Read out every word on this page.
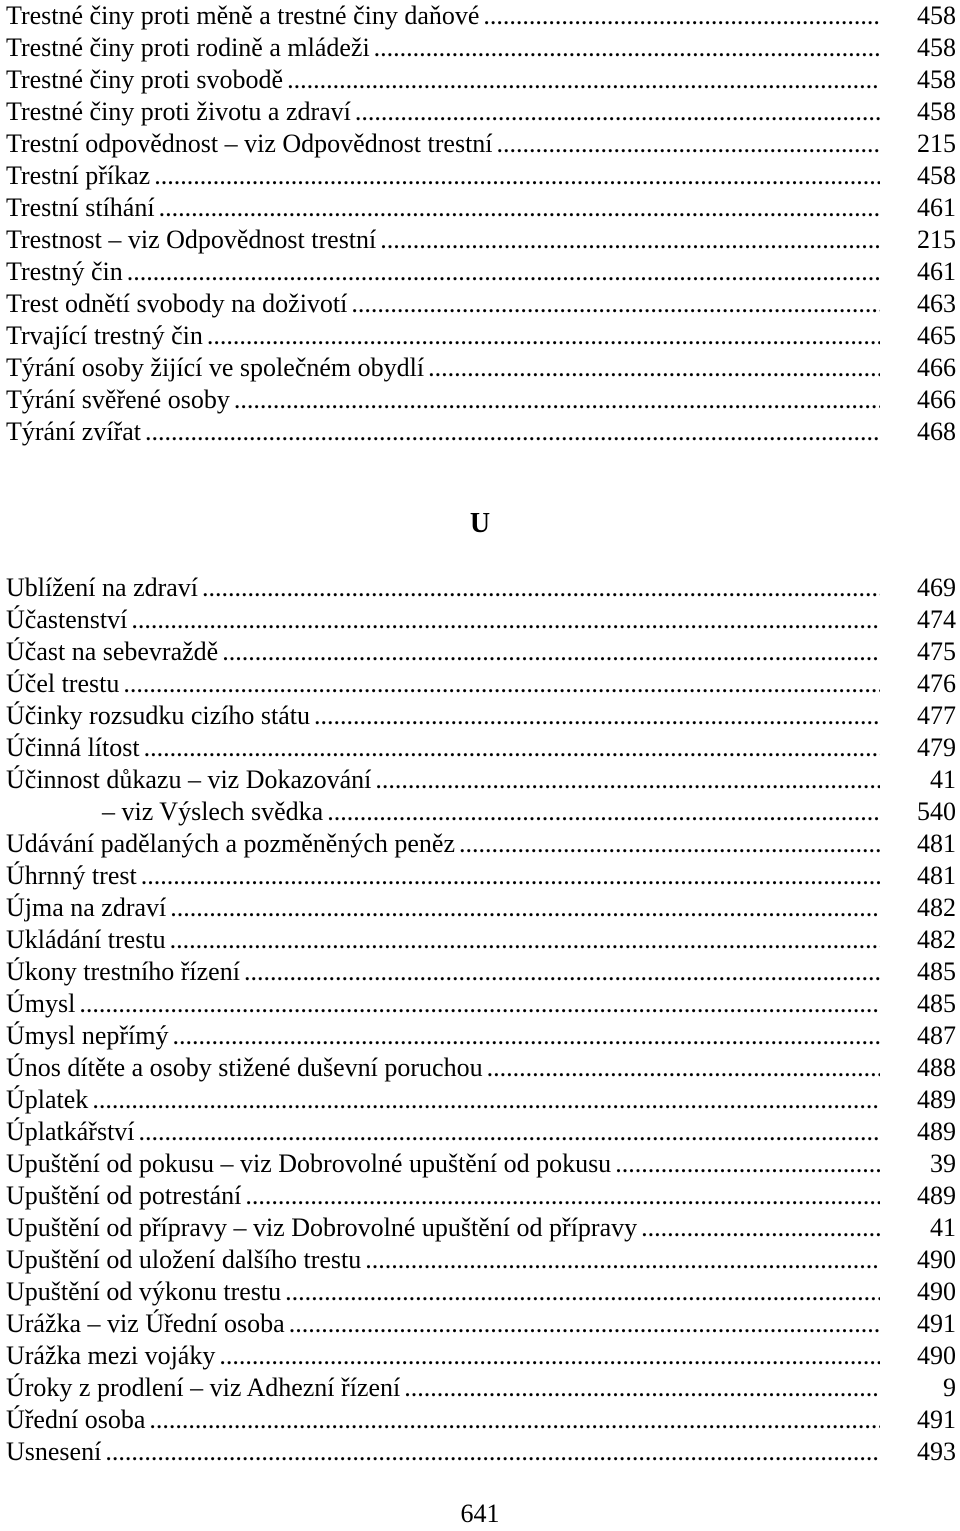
Trestné činy proti měně a trestné činy daňové .....	458
Trestné činy proti rodině a mládeži .....	458
Trestné činy proti svobodě .....	458
Trestné činy proti životu a zdraví .....	458
Trestní odpovědnost – viz Odpovědnost trestní .....	215
Trestní příkaz .....	458
Trestní stíhání .....	461
Trestnost – viz Odpovědnost trestní .....	215
Trestný čin .....	461
Trest odnětí svobody na doživotí .....	463
Trvající trestný čin .....	465
Týrání osoby žijící ve společném obydlí .....	466
Týrání svěřené osoby .....	466
Týrání zvířat .....	468
U
Ublížení na zdraví .....	469
Účastenství .....	474
Účast na sebevraždě .....	475
Účel trestu .....	476
Účinky rozsudku cizího státu .....	477
Účinná lítost .....	479
Účinnost důkazu – viz Dokazování .....	41
– viz Výslech svědka .....	540
Udávání padělaných a pozměněných peněz .....	481
Úhrnný trest .....	481
Újma na zdraví .....	482
Ukládání trestu .....	482
Úkony trestního řízení .....	485
Úmysl .....	485
Úmysl nepřímý .....	487
Únos dítěte a osoby stižené duševní poruchou .....	488
Úplatek .....	489
Úplatkářství .....	489
Upuštění od pokusu – viz Dobrovolné upuštění od pokusu .....	39
Upuštění od potrestání .....	489
Upuštění od přípravy – viz Dobrovolné upuštění od přípravy .....	41
Upuštění od uložení dalšího trestu .....	490
Upuštění od výkonu trestu .....	490
Urážka – viz Úřední osoba .....	491
Urážka mezi vojáky .....	490
Úroky z prodlení – viz Adhezní řízení .....	9
Úřední osoba .....	491
Usnesení .....	493
641
